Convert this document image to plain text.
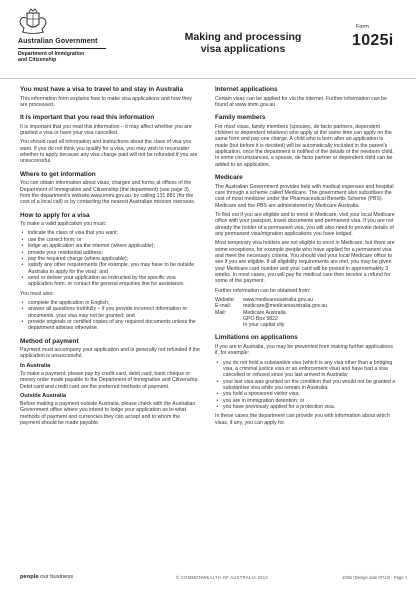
Australian Government
Department of Immigration
and Citizenship
Making and processing
visa applications
Form
1025i
You must have a visa to travel to and stay in Australia

This information form explains how to make visa applications and how they are processed.

It is important that you read this information

It is important that you read this information – it may affect whether you are granted a visa or have your visa cancelled.

You should read all information and instructions about the class of visa you want. If you do not think you qualify for a visa, you may wish to reconsider whether to apply because any visa charge paid will not be refunded if you are unsuccessful.

Where to get information

You can obtain information about visas, charges and forms at offices of the Department of Immigration and Citizenship (the department) (see page 3), from the department's website www.immi.gov.au, by calling 131 881 (for the cost of a local call) or by contacting the nearest Australian mission overseas.

How to apply for a visa

To make a valid application you must:

• indicate the class of visa that you want;
• use the correct form; or
• lodge an application via the internet (where applicable);
• provide your residential address;
• pay the required charge (where applicable);
• satisfy any other requirements (for example, you may have to be outside Australia to apply for the visa); and
• send or deliver your application as instructed by the specific visa application form, or contact the general enquiries line for assistance.

You must also:

• complete the application in English;
• answer all questions truthfully – if you provide incorrect information or documents, your visa may not be granted; and
• provide originals or certified copies of any required documents unless the department advises otherwise.
Method of payment

Payment must accompany your application and is generally not refunded if the application is unsuccessful.

In Australia

To make a payment, please pay by credit card, debit card, bank cheque or money order made payable to the Department of Immigration and Citizenship. Debit card and credit card are the preferred methods of payment.

Outside Australia

Before making a payment outside Australia, please check with the Australian Government office where you intend to lodge your application as to what methods of payment and currencies they can accept and to whom the payment should be made payable.

Internet applications

Certain visas can be applied for via the internet. Further information can be found at www.immi.gov.au

Family members

For most visas, family members (spouses, de facto partners, dependent children or dependent relatives) who apply at the same time can apply on the same form and pay one charge. A child who is born after an application is made (but before it is decided) will be automatically included in the parent's application, once the department is notified of the details of the newborn child. In some circumstances, a spouse, de facto partner or dependent child can be added to an application.

Medicare

The Australian Government provides help with medical expenses and hospital care through a scheme called Medicare. The government also subsidises the cost of most medicine under the Pharmaceutical Benefits Scheme (PBS). Medicare and the PBS are administered by Medicare Australia.

To find out if you are eligible and to enrol in Medicare, visit your local Medicare office with your passport, travel documents and permanent visa. If you are not already the holder of a permanent visa, you will also need to provide details of any permanent visa/migration applications you have lodged.

Most temporary visa holders are not eligible to enrol in Medicare, but there are some exceptions, for example people who have applied for a permanent visa and meet the necessary criteria. You should visit your local Medicare office to see if you are eligible. If all eligibility requirements are met, you may be given your Medicare card number and your card will be posted in approximately 3 weeks. In most cases, you will pay for medical care then receive a refund for some of the payment.

Further information can be obtained from:

Website:	www.medicareaustralia.gov.au
E-mail:	medicare@medicareaustralia.gov.au
Mail:	Medicare Australia
GPO Box 9822
In your capital city
Limitations on applications

If you are in Australia, you may be prevented from making further applications if, for example:

• you do not hold a substantive visa (which is any visa other than a bridging visa, a criminal justice visa or an enforcement visa) and have had a visa cancelled or refused since you last arrived in Australia;
• your last visa was granted on the condition that you would not be granted a substantive visa while you remain in Australia;
• you hold a sponsored visitor visa;
• you are in immigration detention; or
• you have previously applied for a protection visa.

In these cases the department can provide you with information about which visas, if any, you can apply for.

people our business	© COMMONWEALTH OF AUSTRALIA 2012	1025i (Design date 07/12) - Page 1
